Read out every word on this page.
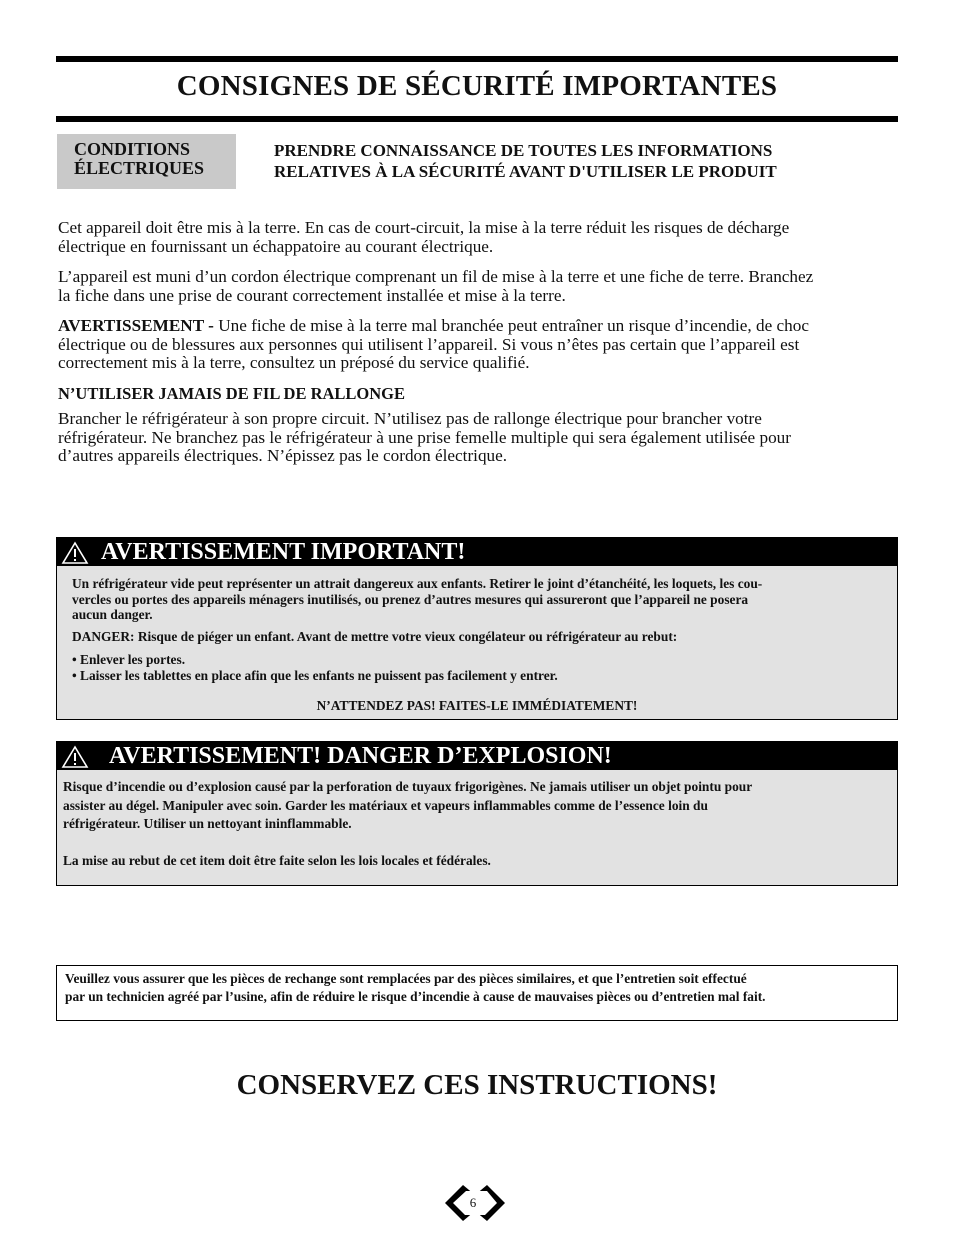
CONSIGNES DE SÉCURITÉ IMPORTANTES
CONDITIONS
ÉLECTRIQUES
PRENDRE CONNAISSANCE DE TOUTES LES INFORMATIONS
RELATIVES À LA SÉCURITÉ AVANT D'UTILISER LE PRODUIT

Cet appareil doit être mis à la terre. En cas de court-circuit, la mise à la terre réduit les risques de décharge
électrique en fournissant un échappatoire au courant électrique.

L’appareil est muni d’un cordon électrique comprenant un fil de mise à la terre et une fiche de terre. Branchez
la fiche dans une prise de courant correctement installée et mise à la terre.

AVERTISSEMENT - Une fiche de mise à la terre mal branchée peut entraîner un risque d’incendie, de choc
électrique ou de blessures aux personnes qui utilisent l’appareil. Si vous n’êtes pas certain que l’appareil est
correctement mis à la terre, consultez un préposé du service qualifié.

N’UTILISER JAMAIS DE FIL DE RALLONGE

Brancher le réfrigérateur à son propre circuit. N’utilisez pas de rallonge électrique pour brancher votre
réfrigérateur. Ne branchez pas le réfrigérateur à une prise femelle multiple qui sera également utilisée pour
d’autres appareils électriques. N’épissez pas le cordon électrique.

AVERTISSEMENT IMPORTANT!
Un réfrigérateur vide peut représenter un attrait dangereux aux enfants. Retirer le joint d’étanchéité, les loquets, les cou-
vercles ou portes des appareils ménagers inutilisés, ou prenez d’autres mesures qui assureront que l’appareil ne posera
aucun danger.
DANGER: Risque de piéger un enfant. Avant de mettre votre vieux congélateur ou réfrigérateur au rebut:
• Enlever les portes.
• Laisser les tablettes en place afin que les enfants ne puissent pas facilement y entrer.
N’ATTENDEZ PAS! FAITES-LE IMMÉDIATEMENT!
AVERTISSEMENT! DANGER D’EXPLOSION!
Risque d’incendie ou d’explosion causé par la perforation de tuyaux frigorigènes. Ne jamais utiliser un objet pointu pour
assister au dégel. Manipuler avec soin. Garder les matériaux et vapeurs inflammables comme de l’essence loin du
réfrigérateur. Utiliser un nettoyant ininflammable.
La mise au rebut de cet item doit être faite selon les lois locales et fédérales.
Veuillez vous assurer que les pièces de rechange sont remplacées par des pièces similaires, et que l’entretien soit effectué
par un technicien agréé par l’usine, afin de réduire le risque d’incendie à cause de mauvaises pièces ou d’entretien mal fait.
CONSERVEZ CES INSTRUCTIONS!
6
